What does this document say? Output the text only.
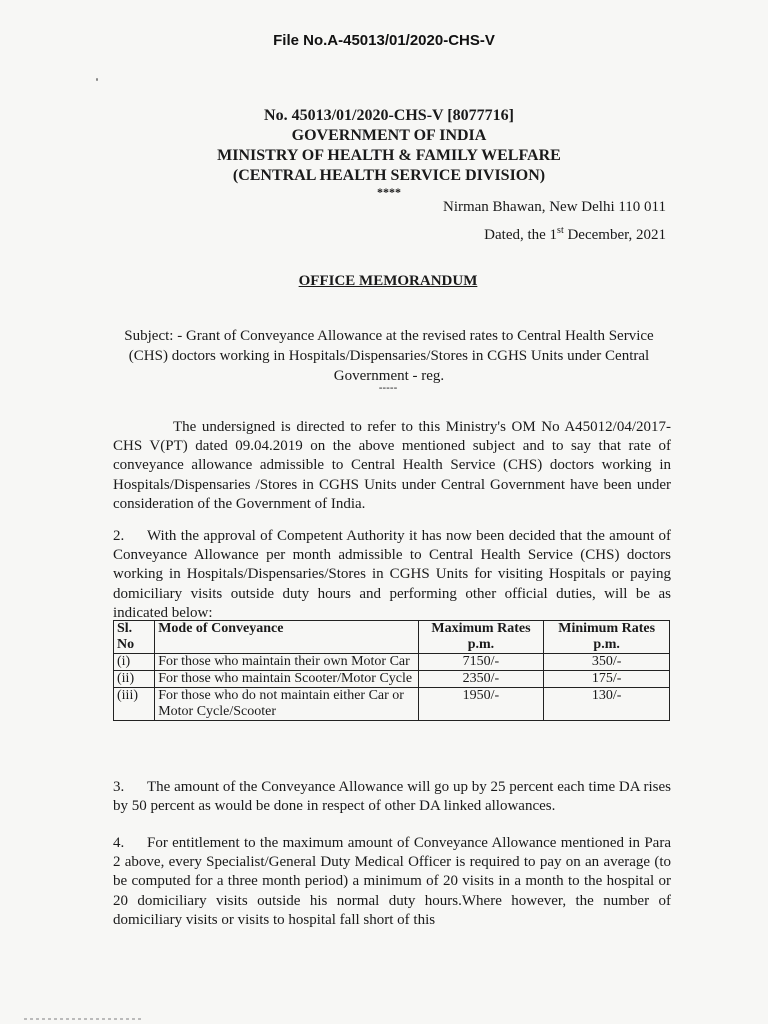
File No.A-45013/01/2020-CHS-V
No. 45013/01/2020-CHS-V [8077716]
GOVERNMENT OF INDIA
MINISTRY OF HEALTH & FAMILY WELFARE
(CENTRAL HEALTH SERVICE DIVISION)
****
Nirman Bhawan, New Delhi 110 011
Dated, the 1st December, 2021
OFFICE MEMORANDUM
Subject: - Grant of Conveyance Allowance at the revised rates to Central Health Service (CHS) doctors working in Hospitals/Dispensaries/Stores in CGHS Units under Central Government - reg.
-----
The undersigned is directed to refer to this Ministry's OM No A45012/04/2017-CHS V(PT) dated 09.04.2019 on the above mentioned subject and to say that rate of conveyance allowance admissible to Central Health Service (CHS) doctors working in Hospitals/Dispensaries /Stores in CGHS Units under Central Government have been under consideration of the Government of India.
2. With the approval of Competent Authority it has now been decided that the amount of Conveyance Allowance per month admissible to Central Health Service (CHS) doctors working in Hospitals/Dispensaries/Stores in CGHS Units for visiting Hospitals or paying domiciliary visits outside duty hours and performing other official duties, will be as indicated below:
Sl. No	Mode of Conveyance	Maximum Rates p.m.	Minimum Rates p.m.
(i)	For those who maintain their own Motor Car	7150/-	350/-
(ii)	For those who maintain Scooter/Motor Cycle	2350/-	175/-
(iii)	For those who do not maintain either Car or Motor Cycle/Scooter	1950/-	130/-
3. The amount of the Conveyance Allowance will go up by 25 percent each time DA rises by 50 percent as would be done in respect of other DA linked allowances.
4. For entitlement to the maximum amount of Conveyance Allowance mentioned in Para 2 above, every Specialist/General Duty Medical Officer is required to pay on an average (to be computed for a three month period) a minimum of 20 visits in a month to the hospital or 20 domiciliary visits outside his normal duty hours.Where however, the number of domiciliary visits or visits to hospital fall short of this
